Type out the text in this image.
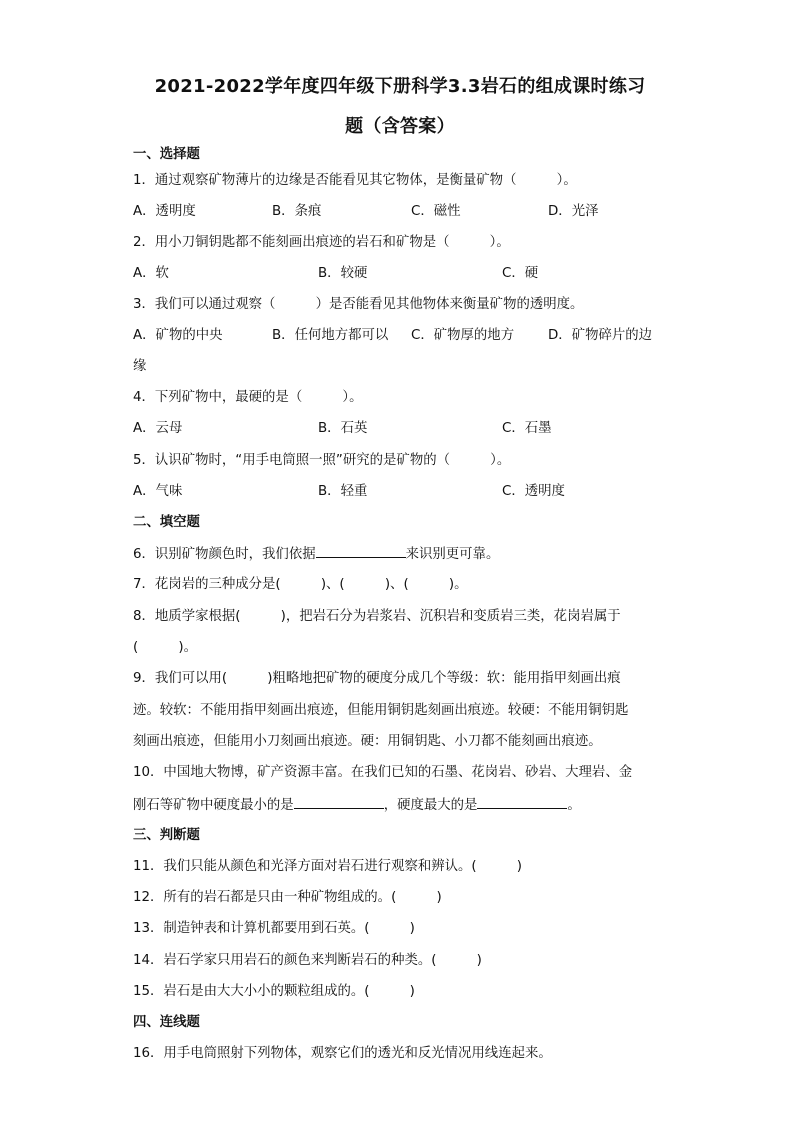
2021-2022学年度四年级下册科学3.3岩石的组成课时练习
题（含答案）
一、选择题
1．通过观察矿物薄片的边缘是否能看见其它物体，是衡量矿物（　　　）。
A．透明度	B．条痕	C．磁性	D．光泽
2．用小刀铜钥匙都不能刻画出痕迹的岩石和矿物是（　　　）。
A．软	B．较硬	C．硬
3．我们可以通过观察（　　　）是否能看见其他物体来衡量矿物的透明度。
A．矿物的中央	B．任何地方都可以 C．矿物厚的地方	D．矿物碎片的边
缘
4．下列矿物中，最硬的是（　　　）。
A．云母	B．石英	C．石墨
5．认识矿物时，“用手电筒照一照”研究的是矿物的（　　　）。
A．气味	B．轻重	C．透明度
二、填空题
6．识别矿物颜色时，我们依据	来识别更可靠。
7．花岗岩的三种成分是(　　　)、(　　　)、(　　　)。
8．地质学家根据(　　　)，把岩石分为岩浆岩、沉积岩和变质岩三类，花岗岩属于
(　　　)。
9．我们可以用(　　　)粗略地把矿物的硬度分成几个等级：软：能用指甲刻画出痕
迹。较软：不能用指甲刻画出痕迹，但能用铜钥匙刻画出痕迹。较硬：不能用铜钥匙
刻画出痕迹，但能用小刀刻画出痕迹。硬：用铜钥匙、小刀都不能刻画出痕迹。
10．中国地大物博，矿产资源丰富。在我们已知的石墨、花岗岩、砂岩、大理岩、金
刚石等矿物中硬度最小的是	，硬度最大的是	。
三、判断题
11．我们只能从颜色和光泽方面对岩石进行观察和辨认。(　　　)
12．所有的岩石都是只由一种矿物组成的。(　　　)
13．制造钟表和计算机都要用到石英。(　　　)
14．岩石学家只用岩石的颜色来判断岩石的种类。(　　　)
15．岩石是由大大小小的颗粒组成的。(　　　)
四、连线题
16．用手电筒照射下列物体，观察它们的透光和反光情况用线连起来。
